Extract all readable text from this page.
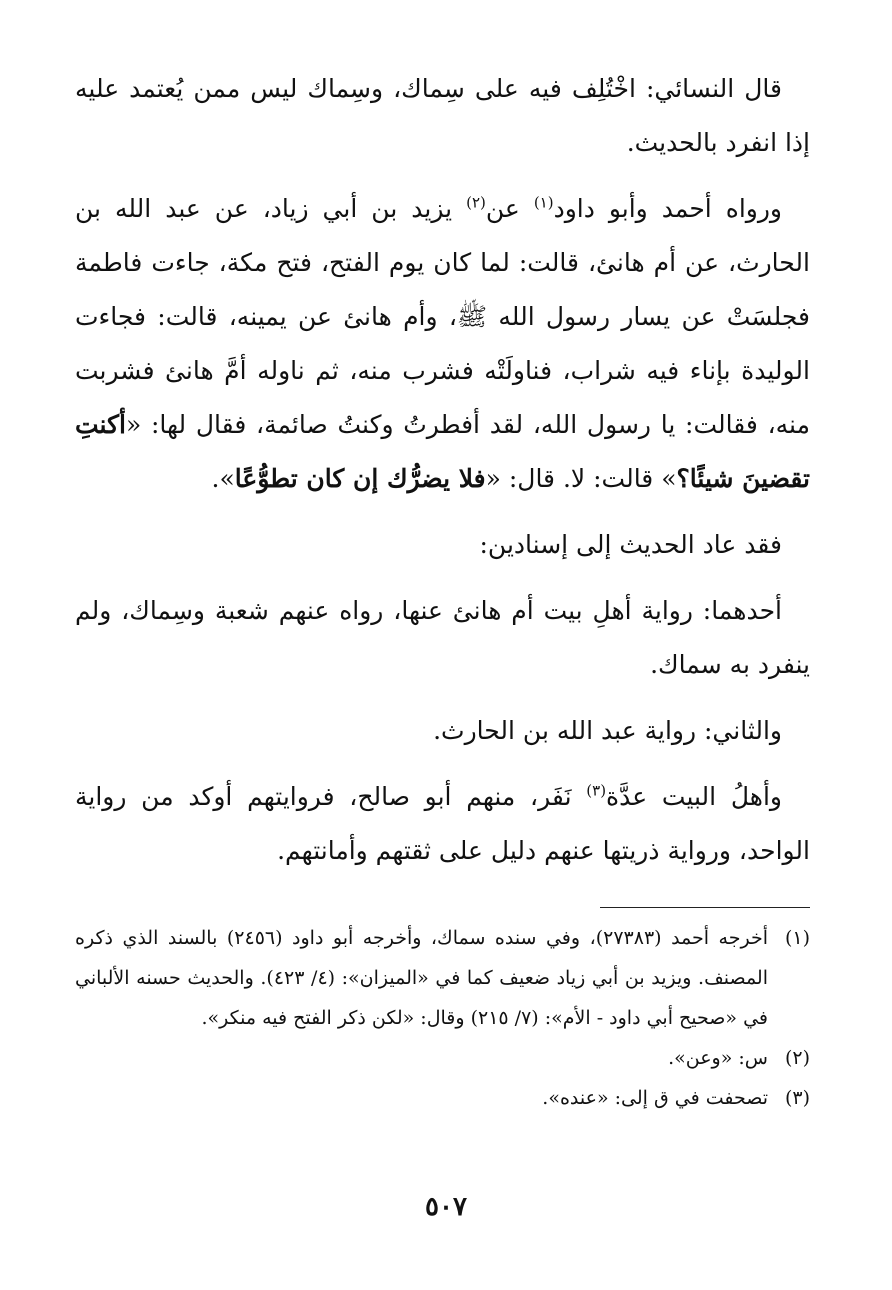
قال النسائي: اخْتُلِف فيه على سِماك، وسِماك ليس ممن يُعتمد عليه إذا انفرد بالحديث.

ورواه أحمد وأبو داود$^{(١)}$ عن$^{(٢)}$ يزيد بن أبي زياد، عن عبد الله بن الحارث، عن أم هانئ، قالت: لما كان يوم الفتح، فتح مكة، جاءت فاطمة فجلسَتْ عن يسار رسول الله ﷺ، وأم هانئ عن يمينه، قالت: فجاءت الوليدة بإناء فيه شراب، فناولَتْه فشرب منه، ثم ناوله أمَّ هانئ فشربت منه، فقالت: يا رسول الله، لقد أفطرتُ وكنتُ صائمة، فقال لها: «أكنتِ تقضينَ شيئًا؟» قالت: لا. قال: «فلا يضرُّك إن كان تطوُّعًا».

فقد عاد الحديث إلى إسنادين:

أحدهما: رواية أهلِ بيت أم هانئ عنها، رواه عنهم شعبة وسِماك، ولم ينفرد به سماك.

والثاني: رواية عبد الله بن الحارث.

وأهلُ البيت عدَّة$^{(٣)}$ نَفَر، منهم أبو صالح، فروايتهم أوكد من رواية الواحد، ورواية ذريتها عنهم دليل على ثقتهم وأمانتهم.

(١)
أخرجه أحمد (٢٧٣٨٣)، وفي سنده سماك، وأخرجه أبو داود (٢٤٥٦) بالسند الذي ذكره المصنف. ويزيد بن أبي زياد ضعيف كما في «الميزان»: (٤/ ٤٢٣). والحديث حسنه الألباني في «صحيح أبي داود - الأم»: (٧/ ٢١٥) وقال: «لكن ذكر الفتح فيه منكر».
(٢)
س: «وعن».
(٣)
تصحفت في ق إلى: «عنده».
٥٠٧
